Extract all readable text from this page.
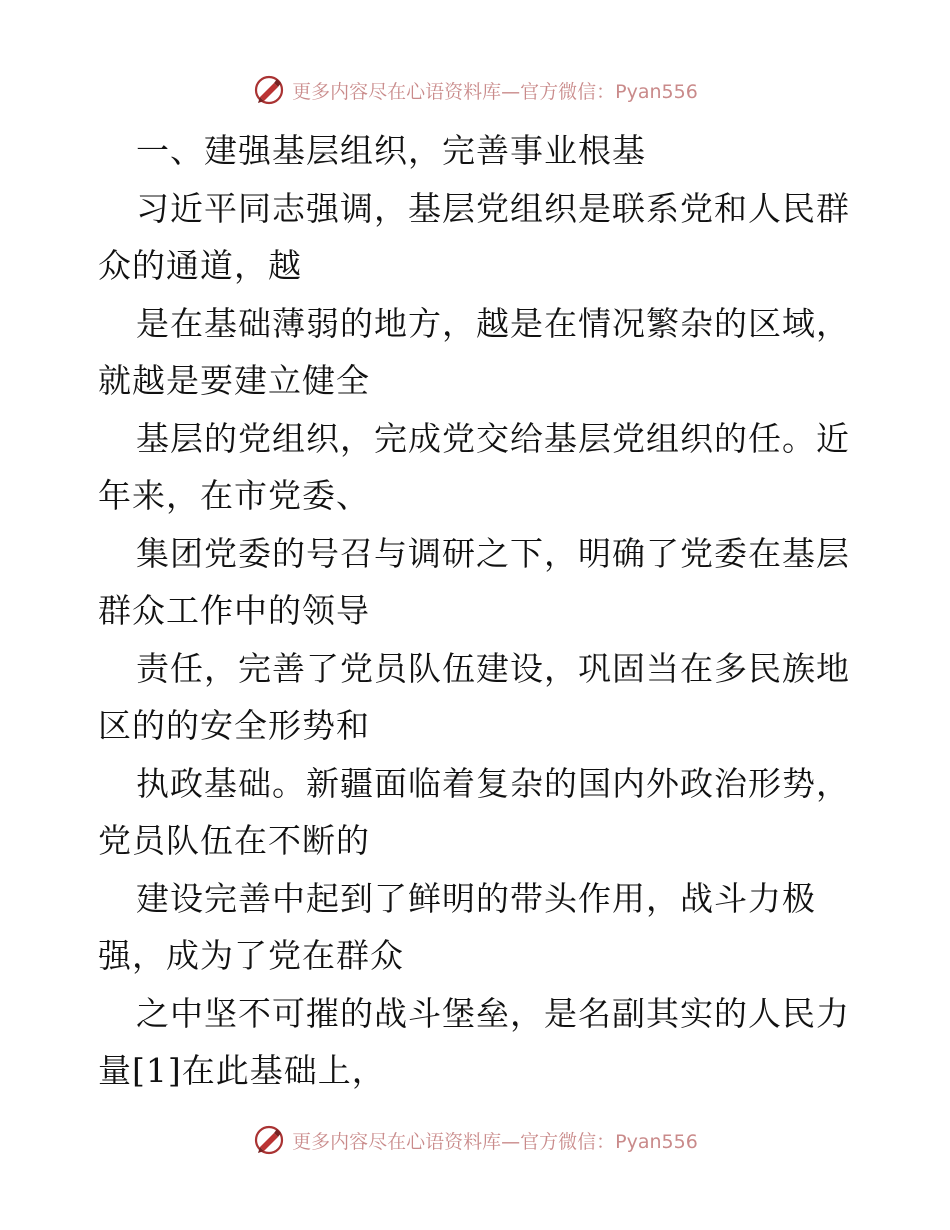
更多内容尽在心语资料库—官方微信：Pyan556
一、建强基层组织，完善事业根基
习近平同志强调，基层党组织是联系党和人民群
众的通道，越
是在基础薄弱的地方，越是在情况繁杂的区域，
就越是要建立健全
基层的党组织，完成党交给基层党组织的任。近
年来，在市党委、
集团党委的号召与调研之下，明确了党委在基层
群众工作中的领导
责任，完善了党员队伍建设，巩固当在多民族地
区的的安全形势和
执政基础。新疆面临着复杂的国内外政治形势，
党员队伍在不断的
建设完善中起到了鲜明的带头作用，战斗力极
强，成为了党在群众
之中坚不可摧的战斗堡垒，是名副其实的人民力
量[1]在此基础上，
更多内容尽在心语资料库—官方微信：Pyan556
